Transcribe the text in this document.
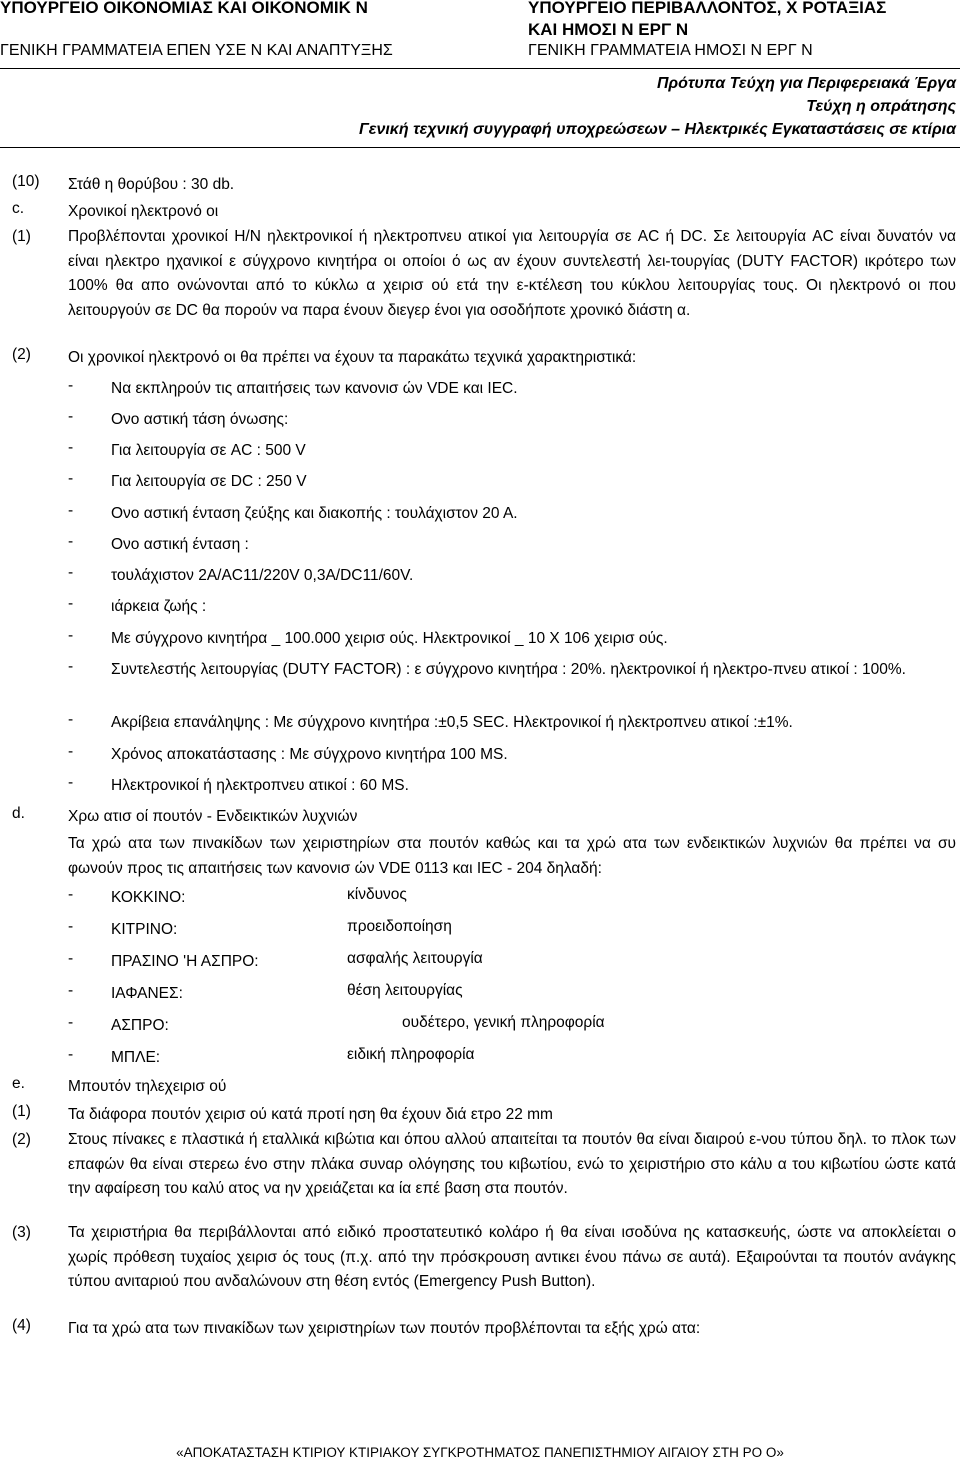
ΥΠΟΥΡΓΕΙΟ ΟΙΚΟΝΟΜΙΑΣ ΚΑΙ ΟΙΚΟΝΟΜΙΚ Ν	ΥΠΟΥΡΓΕΙΟ ΠΕΡΙΒΑΛΛΟΝΤΟΣ, Χ ΡΟΤΑΞΙΑΣ
ΚΑΙ ΗΜΟΣΙ Ν ΕΡΓ Ν
ΓΕΝΙΚΗ ΓΡΑΜΜΑΤΕΙΑ ΕΠΕΝ ΥΣΕ Ν ΚΑΙ ΑΝΑΠΤΥΞΗΣ	ΓΕΝΙΚΗ ΓΡΑΜΜΑΤΕΙΑ ΗΜΟΣΙ Ν ΕΡΓ Ν
Πρότυπα Τεύχη για Περιφερειακά Έργα
Τεύχη η οπράτησης
Γενική τεχνική συγγραφή υποχρεώσεων – Ηλεκτρικές Εγκαταστάσεις σε κτίρια
(10) Στάθ η θορύβου : 30 db.
c.	Χρονικοί ηλεκτρονό οι
(1) Προβλέπονται χρονικοί Η/Ν ηλεκτρονικοί ή ηλεκτροπνευ ατικοί για λειτουργία σε AC ή DC. Σε λειτουργία AC είναι δυνατόν να είναι ηλεκτρο ηχανικοί ε σύγχρονο κινητήρα οι οποίοι ό ως αν έχουν συντελεστή λει-τουργίας (DUTY FACTOR) ικρότερο των 100% θα απο ονώνονται από το κύκλω α χειρισ ού ετά την ε-κτέλεση του κύκλου λειτουργίας τους. Οι ηλεκτρονό οι που λειτουργούν σε DC θα πορούν να παρα ένουν διεγερ ένοι για οσοδήποτε χρονικό διάστη α.
(2) Οι χρονικοί ηλεκτρονό οι θα πρέπει να έχουν τα παρακάτω τεχνικά χαρακτηριστικά:
- Να εκπληρούν τις απαιτήσεις των κανονισ ών VDE και IEC.
- Ονο αστική τάση όνωσης:
- Για λειτουργία σε AC : 500 V
- Για λειτουργία σε DC : 250 V
- Ονο αστική ένταση ζεύξης και διακοπής : τουλάχιστον 20 Α.
- Ονο αστική ένταση :
- τουλάχιστον 2A/AC11/220V 0,3A/DC11/60V.
- ιάρκεια ζωής :
- Με σύγχρονο κινητήρα _ 100.000 χειρισ ούς. Ηλεκτρονικοί _ 10 Χ 106 χειρισ ούς.
- Συντελεστής λειτουργίας (DUTY FACTOR) : ε σύγχρονο κινητήρα : 20%. ηλεκτρονικοί ή ηλεκτρο-πνευ ατικοί : 100%.
- Ακρίβεια επανάληψης : Με σύγχρονο κινητήρα :±0,5 SEC. Ηλεκτρονικοί ή ηλεκτροπνευ ατικοί :±1%.
- Χρόνος αποκατάστασης : Με σύγχρονο κινητήρα 100 MS.
- Ηλεκτρονικοί ή ηλεκτροπνευ ατικοί : 60 MS.
d.	Χρω ατισ οί πουτόν - Ενδεικτικών λυχνιών
Τα χρώ ατα των πινακίδων των χειριστηρίων στα πουτόν καθώς και τα χρώ ατα των ενδεικτικών λυχνιών θα πρέπει να συ φωνούν προς τις απαιτήσεις των κανονισ ών VDE 0113 και IEC - 204 δηλαδή:
- ΚΟΚΚΙΝΟ:	κίνδυνος
- ΚΙΤΡΙΝΟ:	προειδοποίηση
- ΠΡΑΣΙΝΟ 'Η ΑΣΠΡΟ:	ασφαλής λειτουργία
- ΙΑΦΑΝΕΣ:	θέση λειτουργίας
- ΑΣΠΡΟ:	ουδέτερο, γενική πληροφορία
- ΜΠΛΕ:	ειδική πληροφορία
e.	Μπουτόν τηλεχειρισ ού
(1) Τα διάφορα πουτόν χειρισ ού κατά προτί ηση θα έχουν διά ετρο 22 mm
(2) Στους πίνακες ε πλαστικά ή εταλλικά κιβώτια και όπου αλλού απαιτείται τα πουτόν θα είναι διαιρού ε-νου τύπου δηλ. το πλοκ των επαφών θα είναι στερεω ένο στην πλάκα συναρ ολόγησης του κιβωτίου, ενώ το χειριστήριο στο κάλυ α του κιβωτίου ώστε κατά την αφαίρεση του καλύ ατος να ην χρειάζεται κα ία επέ βαση στα πουτόν.
(3) Τα χειριστήρια θα περιβάλλονται από ειδικό προστατευτικό κολάρο ή θα είναι ισοδύνα ης κατασκευής, ώστε να αποκλείεται ο χωρίς πρόθεση τυχαίος χειρισ ός τους (π.χ. από την πρόσκρουση αντικει ένου πάνω σε αυτά). Εξαιρούνται τα πουτόν ανάγκης τύπου ανιταριού που ανδαλώνουν στη θέση εντός (Emergency Push Button).
(4) Για τα χρώ ατα των πινακίδων των χειριστηρίων των πουτόν προβλέπονται τα εξής χρώ ατα:
«ΑΠΟΚΑΤΑΣΤΑΣΗ ΚΤΙΡΙΟΥ ΚΤΙΡΙΑΚΟΥ ΣΥΓΚΡΟΤΗΜΑΤΟΣ ΠΑΝΕΠΙΣΤΗΜΙΟΥ ΑΙΓΑΙΟΥ ΣΤΗ ΡΟ Ο»
